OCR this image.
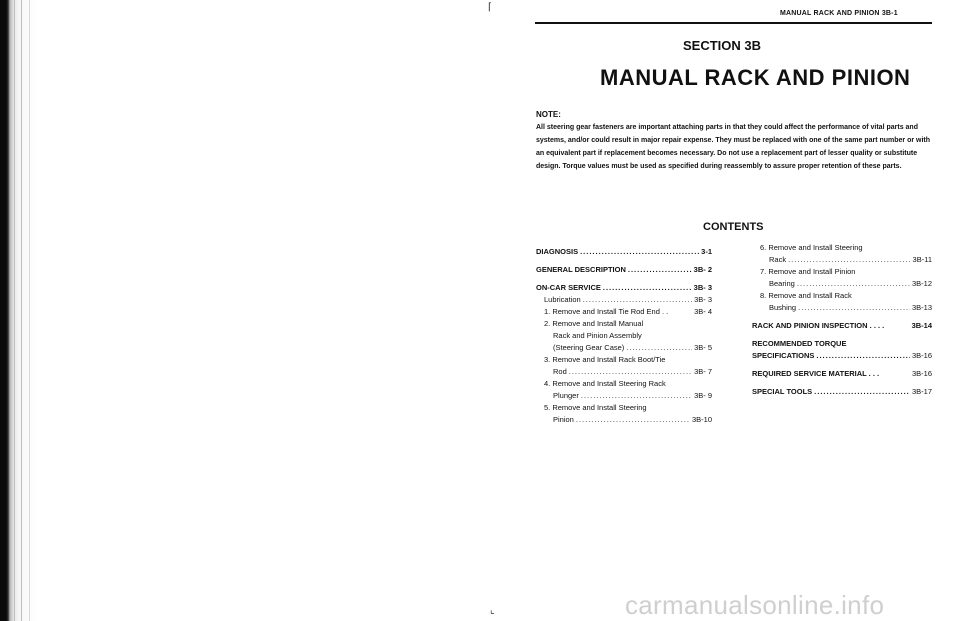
⌈
⌞
MANUAL RACK AND PINION 3B-1
SECTION 3B
MANUAL RACK AND PINION
NOTE:
All steering gear fasteners are important attaching parts in that they could affect the performance of vital parts and systems, and/or could result in major repair expense. They must be replaced with one of the same part number or with an equivalent part if replacement becomes necessary. Do not use a replacement part of lesser quality or substitute design. Torque values must be used as specified during reassembly to assure proper retention of these parts.
CONTENTS
DIAGNOSIS .....	3-1
GENERAL DESCRIPTION .....	3B- 2
ON-CAR SERVICE .....	3B- 3
Lubrication .....	3B- 3
1. Remove and Install Tie Rod End . .	3B- 4
2. Remove and Install Manual
Rack and Pinion Assembly
(Steering Gear Case) .....	3B- 5
3. Remove and Install Rack Boot/Tie
Rod .....	3B- 7
4. Remove and Install Steering Rack
Plunger .....	3B- 9
5. Remove and Install Steering
Pinion .....	3B-10
6. Remove and Install Steering
Rack .....	3B-11
7. Remove and Install Pinion
Bearing .....	3B-12
8. Remove and Install Rack
Bushing .....	3B-13
RACK AND PINION INSPECTION . . . .	3B-14
RECOMMENDED TORQUE
SPECIFICATIONS .....	3B-16
REQUIRED SERVICE MATERIAL . . .	3B-16
SPECIAL TOOLS .....	3B-17
carmanualsonline.info
